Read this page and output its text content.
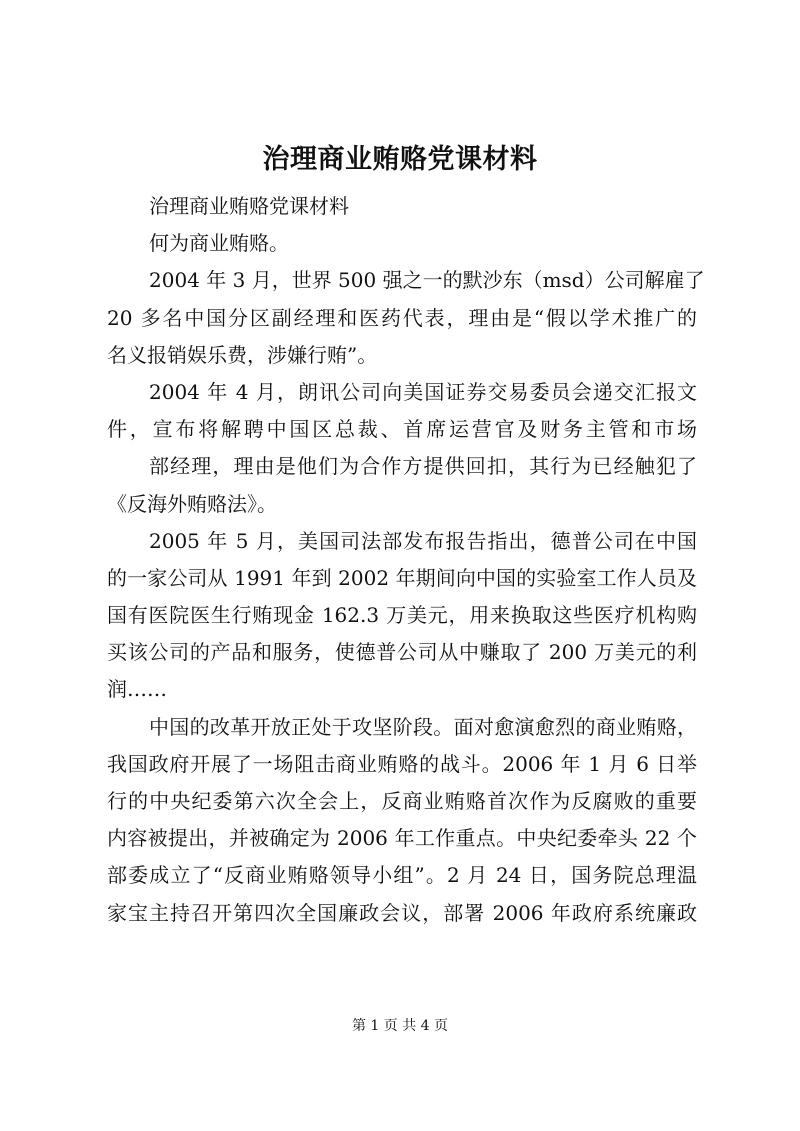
治理商业贿赂党课材料
治理商业贿赂党课材料
何为商业贿赂。
2004 年 3 月，世界 500 强之一的默沙东（msd）公司解雇了
20 多名中国分区副经理和医药代表，理由是“假以学术推广的
名义报销娱乐费，涉嫌行贿”。
2004 年 4 月，朗讯公司向美国证券交易委员会递交汇报文
件，宣布将解聘中国区总裁、首席运营官及财务主管和市场
部经理，理由是他们为合作方提供回扣，其行为已经触犯了
《反海外贿赂法》。
2005 年 5 月，美国司法部发布报告指出，德普公司在中国
的一家公司从 1991 年到 2002 年期间向中国的实验室工作人员及
国有医院医生行贿现金 162.3 万美元，用来换取这些医疗机构购
买该公司的产品和服务，使德普公司从中赚取了 200 万美元的利
润……
中国的改革开放正处于攻坚阶段。面对愈演愈烈的商业贿赂，
我国政府开展了一场阻击商业贿赂的战斗。2006 年 1 月 6 日举
行的中央纪委第六次全会上，反商业贿赂首次作为反腐败的重要
内容被提出，并被确定为 2006 年工作重点。中央纪委牵头 22 个
部委成立了“反商业贿赂领导小组”。2 月 24 日，国务院总理温
家宝主持召开第四次全国廉政会议，部署 2006 年政府系统廉政
第 1 页 共 4 页
